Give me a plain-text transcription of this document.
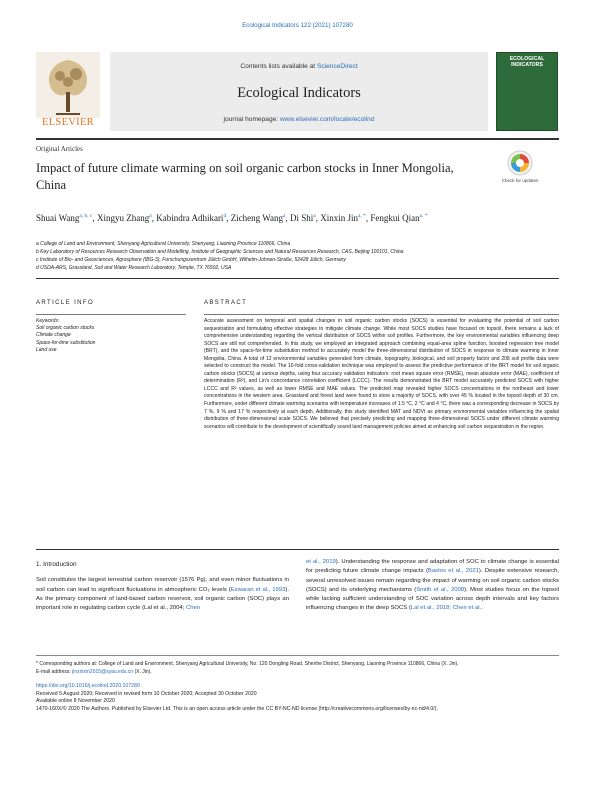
Ecological Indicators 122 (2021) 107280
Contents lists available at ScienceDirect
Ecological Indicators
journal homepage: www.elsevier.com/locate/ecolind
ELSEVIER
ECOLOGICAL INDICATORS
Original Articles
Impact of future climate warming on soil organic carbon stocks in Inner Mongolia, China	Check for updates
Shuai Wang$^{a, b, c}$, Xingyu Zhang$^a$, Kabindra Adhikari$^d$, Zicheng Wang$^a$, Di Shi$^a$, Xinxin Jin$^{a, *}$, Fengkui Qian$^{a, *}$
a College of Land and Environment, Shenyang Agricultural University, Shenyang, Liaoning Province 110866, China
b Key Laboratory of Resources Research Observation and Modelling, Institute of Geographic Sciences and Natural Resources Research, CAS, Beijing 100101, China
c Institute of Bio- and Geosciences, Agrosphere (IBG-3), Forschungszentrum Jülich GmbH, Wilhelm-Johnen-Straße, 52428 Jülich, Germany
d USDA-ARS, Grassland, Soil and Water Research Laboratory, Temple, TX 76502, USA
ARTICLE INFO	ABSTRACT
Keywords:
Soil organic carbon stocks
Climate change
Space-for-time substitution
Land use
Accurate assessment on temporal and spatial changes in soil organic carbon stocks (SOCS) is essential for evaluating the potential of soil carbon sequestration and formulating effective strategies to mitigate climate change. While most SOCS studies have focused on topsoil, there remains a lack of comprehensive understanding regarding the vertical distribution of SOCS within soil profiles. Furthermore, the key environmental variables influencing deep SOCS are still not comprehended. In this study, we employed an integrated approach combining equal-area spline function, boosted regression tree model (BRT), and the space-for-time substitution method to accurately model the three-dimensional distribution of SOCS in response to climate warming in Inner Mongolia, China. A total of 12 environmental variables generated from climate, topography, biological, and soil property factor and 208 soil profile data were selected to construct the model. The 10-fold cross-validation technique was employed to assess the predictive performance of the BRT model for soil organic carbon stocks (SOCS) at various depths, using four accuracy validation indicators: root mean square error (RMSE), mean absolute error (MAE), coefficient of determination (R²), and Lin's concordance correlation coefficient (LCCC). The results demonstrated the BRT model accurately predicted SOCS with higher LCCC and R² values, as well as lower RMSE and MAE values. The predicted map revealed higher SOCS concentrations in the northeast and lower concentrations in the western area. Grassland and forest land were found to store a majority of SOCS, with over 45 % located in the topsoil depth of 30 cm. Furthermore, under different climate warming scenarios with temperature increases of 1.5 °C, 2 °C and 4 °C, there was a corresponding decrease in SOCS by 7 %, 9 % and 17 % respectively at each depth. Additionally, this study identified MAT and NDVI as primary environmental variables influencing the spatial distribution of three-dimensional scale SOCS. We believed that precisely predicting and mapping three-dimensional SOCS under different climate warming scenarios will contribute to the development of scientifically sound land management policies aimed at enhancing soil carbon sequestration in the region.
1. Introduction
Soil constitutes the largest terrestrial carbon reservoir (1576 Pg), and even minor fluctuations in soil carbon can lead to significant fluctuations in atmospheric CO₂ levels (Eswaran et al., 1993). As the primary component of land-based carbon reservoir, soil organic carbon (SOC) plays an important role in regulating carbon cycle (Lal et al., 2004; Chen
et al., 2019). Understanding the response and adaptation of SOC to climate change is essential for predicting future climate change impacts (Bastos et al., 2021). Despite extensive research, several unresolved issues remain regarding the impact of warming on soil organic carbon stocks (SOCS) and its underlying mechanisms (Smith et al., 2008). Most studies focus on the topsoil while lacking sufficient understanding of SOC variation across depth intervals and key factors influencing changes in the deep SOCS (Lal et al., 2018; Chen et al.,
* Corresponding authors at: College of Land and Environment, Shenyang Agricultural University, No. 120 Dongling Road, Shenhe District, Shenyang, Liaoning Province 110866, China (X. Jin).
E-mail address: jinxinxin2015@syau.edu.cn (X. Jin).
https://doi.org/10.1016/j.ecolind.2020.107280
Received 5 August 2020; Received in revised form 10 October 2020; Accepted 30 October 2020
Available online 8 November 2020
1470-160X/© 2020 The Authors. Published by Elsevier Ltd. This is an open access article under the CC BY-NC-ND license (http://creativecommons.org/licenses/by-nc-nd/4.0/).
